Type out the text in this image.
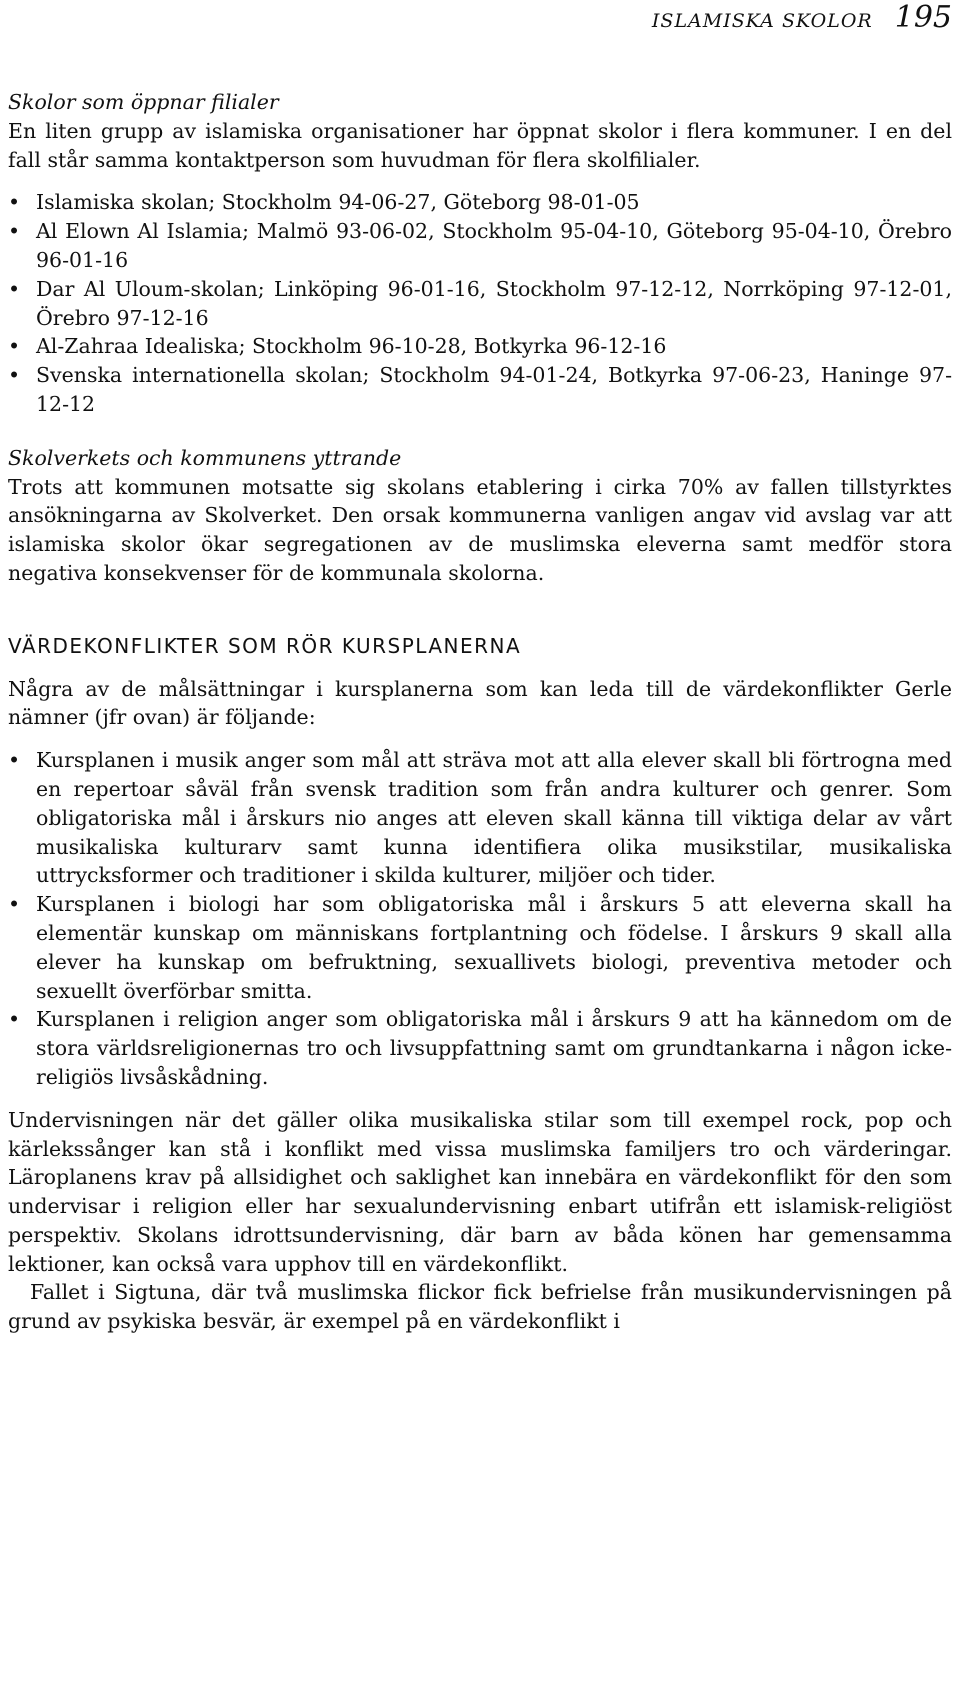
ISLAMISKA SKOLOR 195

Skolor som öppnar filialer

En liten grupp av islamiska organisationer har öppnat skolor i flera kommuner. I en del fall står samma kontaktperson som huvudman för flera skolfilialer.

• Islamiska skolan; Stockholm 94-06-27, Göteborg 98-01-05
• Al Elown Al Islamia; Malmö 93-06-02, Stockholm 95-04-10, Göteborg 95-04-10, Örebro 96-01-16
• Dar Al Uloum-skolan; Linköping 96-01-16, Stockholm 97-12-12, Norrköping 97-12-01, Örebro 97-12-16
• Al-Zahraa Idealiska; Stockholm 96-10-28, Botkyrka 96-12-16
• Svenska internationella skolan; Stockholm 94-01-24, Botkyrka 97-06-23, Haninge 97-12-12

Skolverkets och kommunens yttrande

Trots att kommunen motsatte sig skolans etablering i cirka 70% av fallen tillstyrktes ansökningarna av Skolverket. Den orsak kommunerna vanligen angav vid avslag var att islamiska skolor ökar segregationen av de muslimska eleverna samt medför stora negativa konsekvenser för de kommunala skolorna.

VÄRDEKONFLIKTER SOM RÖR KURSPLANERNA

Några av de målsättningar i kursplanerna som kan leda till de värdekonflikter Gerle nämner (jfr ovan) är följande:

• Kursplanen i musik anger som mål att sträva mot att alla elever skall bli förtrogna med en repertoar såväl från svensk tradition som från andra kulturer och genrer. Som obligatoriska mål i årskurs nio anges att eleven skall känna till viktiga delar av vårt musikaliska kulturarv samt kunna identifiera olika musikstilar, musikaliska uttrycksformer och traditioner i skilda kulturer, miljöer och tider.
• Kursplanen i biologi har som obligatoriska mål i årskurs 5 att eleverna skall ha elementär kunskap om människans fortplantning och födelse. I årskurs 9 skall alla elever ha kunskap om befruktning, sexuallivets biologi, preventiva metoder och sexuellt överförbar smitta.
• Kursplanen i religion anger som obligatoriska mål i årskurs 9 att ha kännedom om de stora världsreligionernas tro och livsuppfattning samt om grundtankarna i någon icke-religiös livsåskådning.

Undervisningen när det gäller olika musikaliska stilar som till exempel rock, pop och kärlekssånger kan stå i konflikt med vissa muslimska familjers tro och värderingar. Läroplanens krav på allsidighet och saklighet kan innebära en värdekonflikt för den som undervisar i religion eller har sexualundervisning enbart utifrån ett islamisk-religiöst perspektiv. Skolans idrottsundervisning, där barn av båda könen har gemensamma lektioner, kan också vara upphov till en värdekonflikt.

Fallet i Sigtuna, där två muslimska flickor fick befrielse från musikundervisningen på grund av psykiska besvär, är exempel på en värdekonflikt i
